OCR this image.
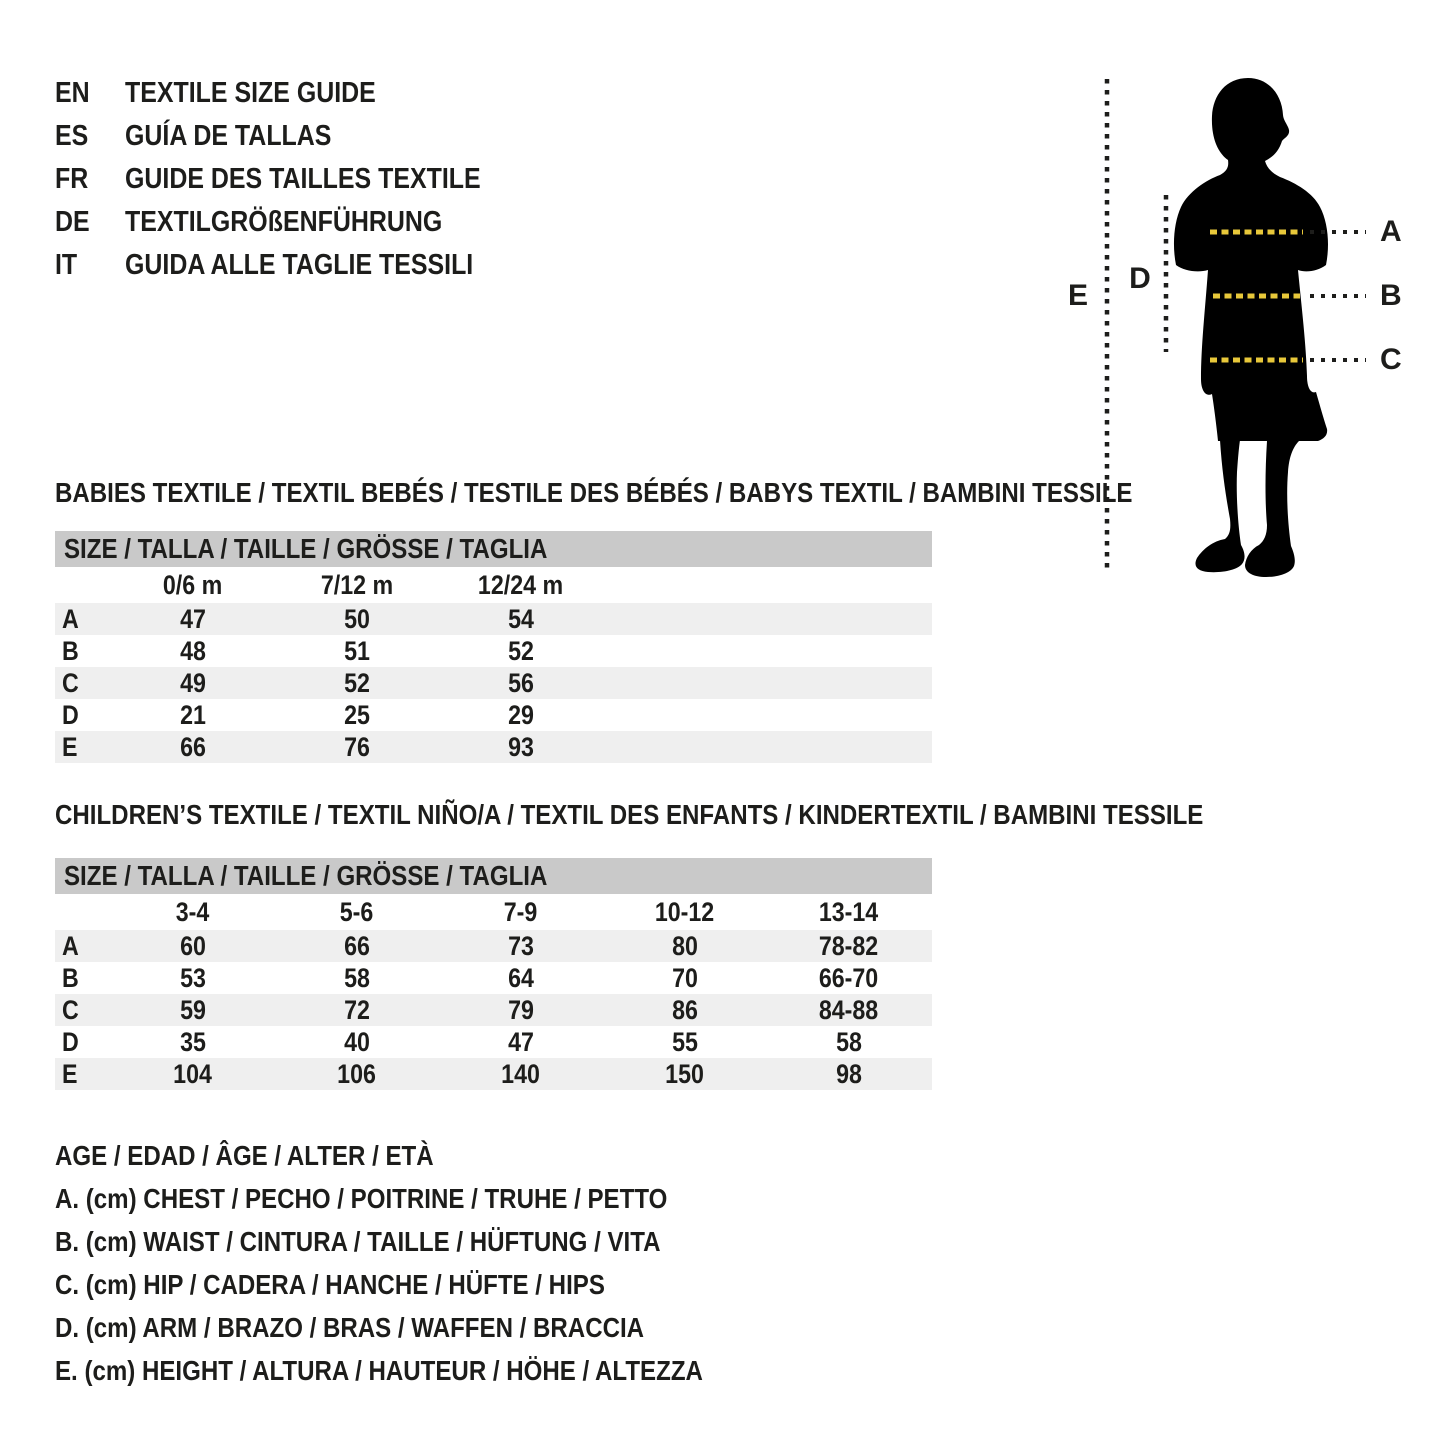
EN	TEXTILE SIZE GUIDE
ES	GUÍA DE TALLAS
FR	GUIDE DES TAILLES TEXTILE
DE	TEXTILGRÖßENFÜHRUNG
IT	GUIDA ALLE TAGLIE TESSILI
E
D
A
B
C
BABIES TEXTILE / TEXTIL BEBÉS / TESTILE DES BÉBÉS / BABYS TEXTIL / BAMBINI TESSILE
SIZE / TALLA / TAILLE / GRÖSSE / TAGLIA
0/6 m	7/12 m	12/24 m
A	47	50	54
B	48	51	52
C	49	52	56
D	21	25	29
E	66	76	93
CHILDREN’S TEXTILE / TEXTIL NIÑO/A / TEXTIL DES ENFANTS / KINDERTEXTIL / BAMBINI TESSILE
SIZE / TALLA / TAILLE / GRÖSSE / TAGLIA
3-4	5-6	7-9	10-12	13-14
A	60	66	73	80	78-82
B	53	58	64	70	66-70
C	59	72	79	86	84-88
D	35	40	47	55	58
E	104	106	140	150	98
AGE / EDAD / ÂGE / ALTER / ETÀ
A. (cm) CHEST / PECHO / POITRINE / TRUHE / PETTO
B. (cm) WAIST / CINTURA / TAILLE / HÜFTUNG / VITA
C. (cm) HIP / CADERA / HANCHE / HÜFTE / HIPS
D. (cm) ARM / BRAZO / BRAS / WAFFEN / BRACCIA
E. (cm) HEIGHT / ALTURA / HAUTEUR / HÖHE / ALTEZZA
